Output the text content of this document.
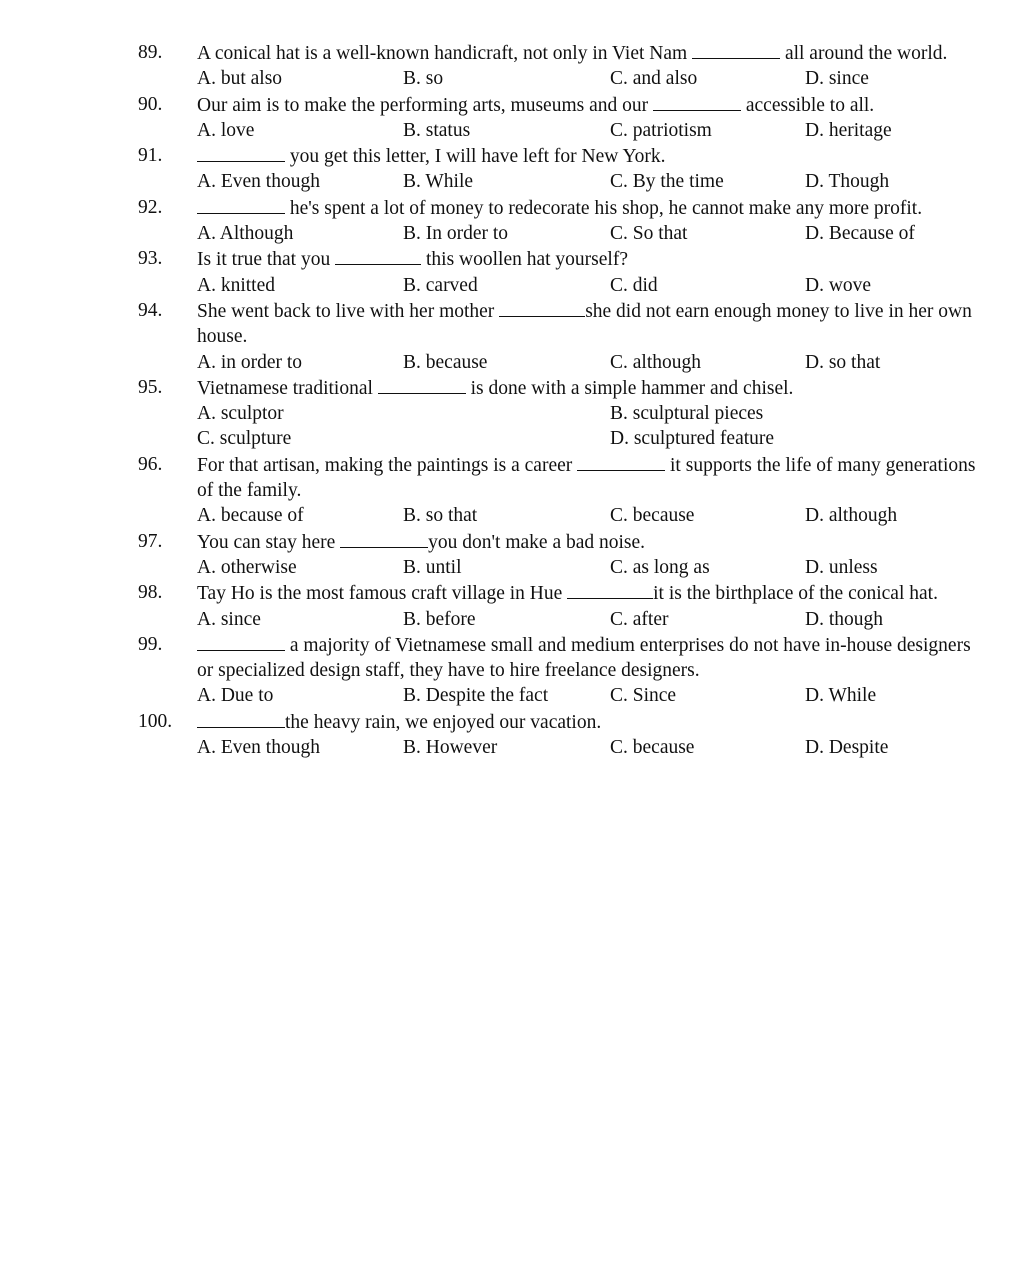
89. A conical hat is a well-known handicraft, not only in Viet Nam	all around the world.
A. but also	B. so	C. and also	D. since
90. Our aim is to make the performing arts, museums and our	accessible to all.
A. love	B. status	C. patriotism	D. heritage
91.	you get this letter, I will have left for New York.
A. Even though	B. While	C. By the time	D. Though
92.	he's spent a lot of money to redecorate his shop, he cannot make any more profit.
A. Although	B. In order to	C. So that	D. Because of
93. Is it true that you	this woollen hat yourself?
A. knitted	B. carved	C. did	D. wove
94. She went back to live with her mother	she did not earn enough money to live in her own house.
A. in order to	B. because	C. although	D. so that
95. Vietnamese traditional	is done with a simple hammer and chisel.
A. sculptor	B. sculptural pieces
C. sculpture	D. sculptured feature
96. For that artisan, making the paintings is a career	it supports the life of many generations of the family.
A. because of	B. so that	C. because	D. although
97. You can stay here	you don't make a bad noise.
A. otherwise	B. until	C. as long as	D. unless
98. Tay Ho is the most famous craft village in Hue	it is the birthplace of the conical hat.
A. since	B. before	C. after	D. though
99.	a majority of Vietnamese small and medium enterprises do not have in-house designers or specialized design staff, they have to hire freelance designers.
A. Due to	B. Despite the fact	C. Since	D. While
100.	the heavy rain, we enjoyed our vacation.
A. Even though	B. However	C. because	D. Despite
